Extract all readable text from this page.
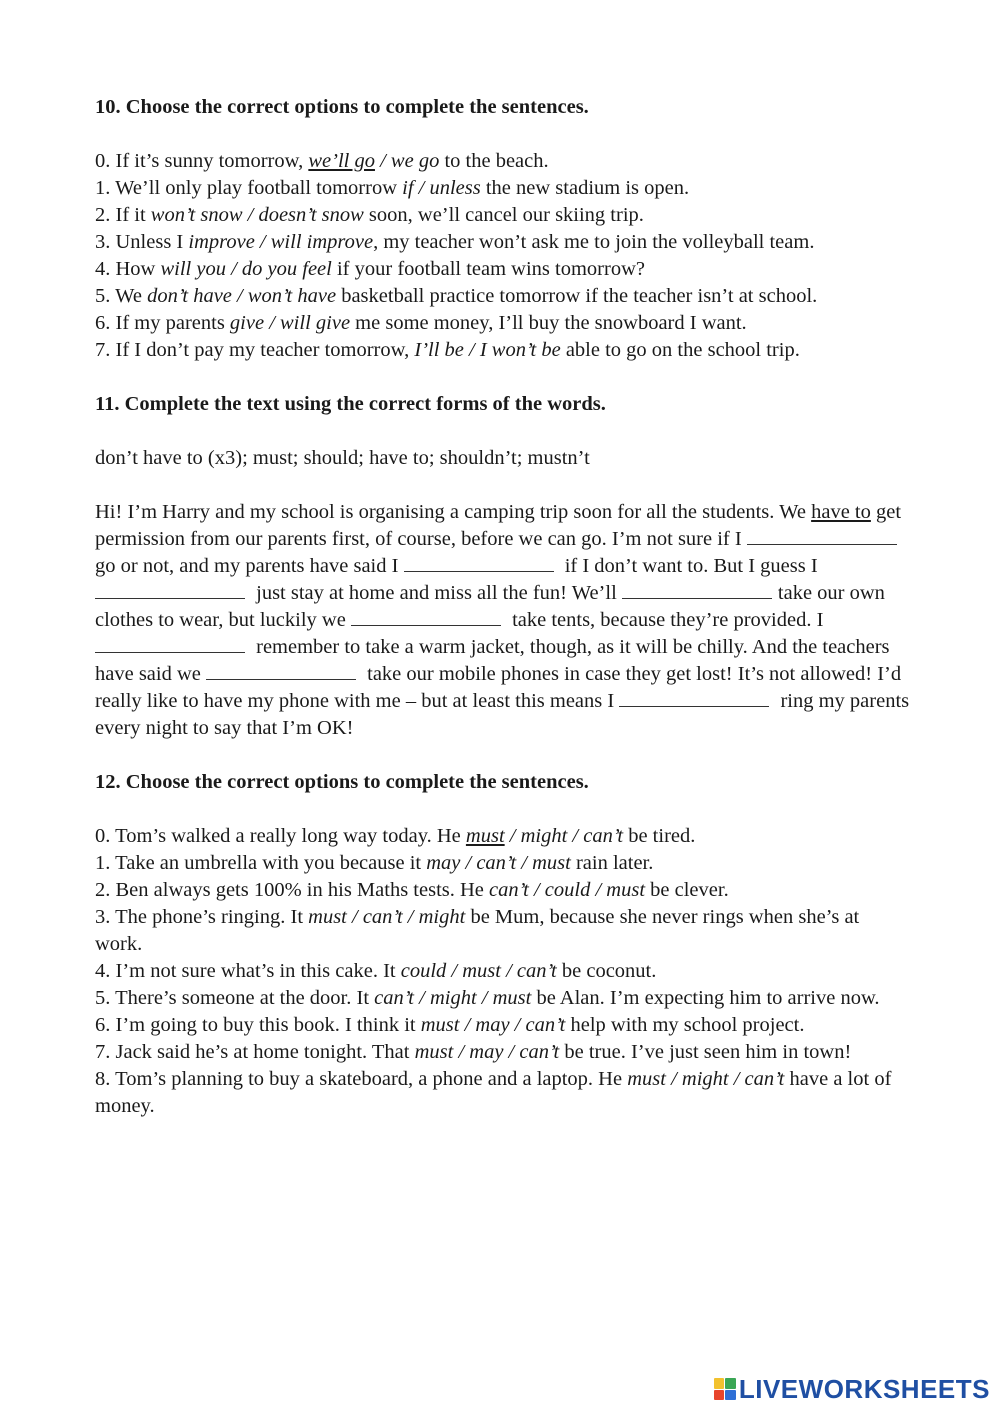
10. Choose the correct options to complete the sentences.

0. If it’s sunny tomorrow, we’ll go / we go to the beach.

1. We’ll only play football tomorrow if / unless the new stadium is open.

2. If it won’t snow / doesn’t snow soon, we’ll cancel our skiing trip.

3. Unless I improve / will improve, my teacher won’t ask me to join the volleyball team.

4. How will you / do you feel if your football team wins tomorrow?

5. We don’t have / won’t have basketball practice tomorrow if the teacher isn’t at school.

6. If my parents give / will give me some money, I’ll buy the snowboard I want.

7. If I don’t pay my teacher tomorrow, I’ll be / I won’t be able to go on the school trip.

11. Complete the text using the correct forms of the words.

don’t have to (x3); must; should; have to; shouldn’t; mustn’t

Hi! I’m Harry and my school is organising a camping trip soon for all the students. We have to get permission from our parents first, of course, before we can go. I’m not sure if I  go or not, and my parents have said I	if I don’t want to. But I guess I  just stay at home and miss all the fun! We’ll	take our own clothes to wear, but luckily we	take tents, because they’re provided. I  remember to take a warm jacket, though, as it will be chilly. And the teachers have said we	take our mobile phones in case they get lost! It’s not allowed! I’d really like to have my phone with me – but at least this means I	ring my parents every night to say that I’m OK!

12. Choose the correct options to complete the sentences.

0. Tom’s walked a really long way today. He must / might / can’t be tired.

1. Take an umbrella with you because it may / can’t / must rain later.

2. Ben always gets 100% in his Maths tests. He can’t / could / must be clever.

3. The phone’s ringing. It must / can’t / might be Mum, because she never rings when she’s at work.

4. I’m not sure what’s in this cake. It could / must / can’t be coconut.

5. There’s someone at the door. It can’t / might / must be Alan. I’m expecting him to arrive now.

6. I’m going to buy this book. I think it must / may / can’t help with my school project.

7. Jack said he’s at home tonight. That must / may / can’t be true. I’ve just seen him in town!

8. Tom’s planning to buy a skateboard, a phone and a laptop. He must / might / can’t have a lot of money.

LIVEWORKSHEETS
